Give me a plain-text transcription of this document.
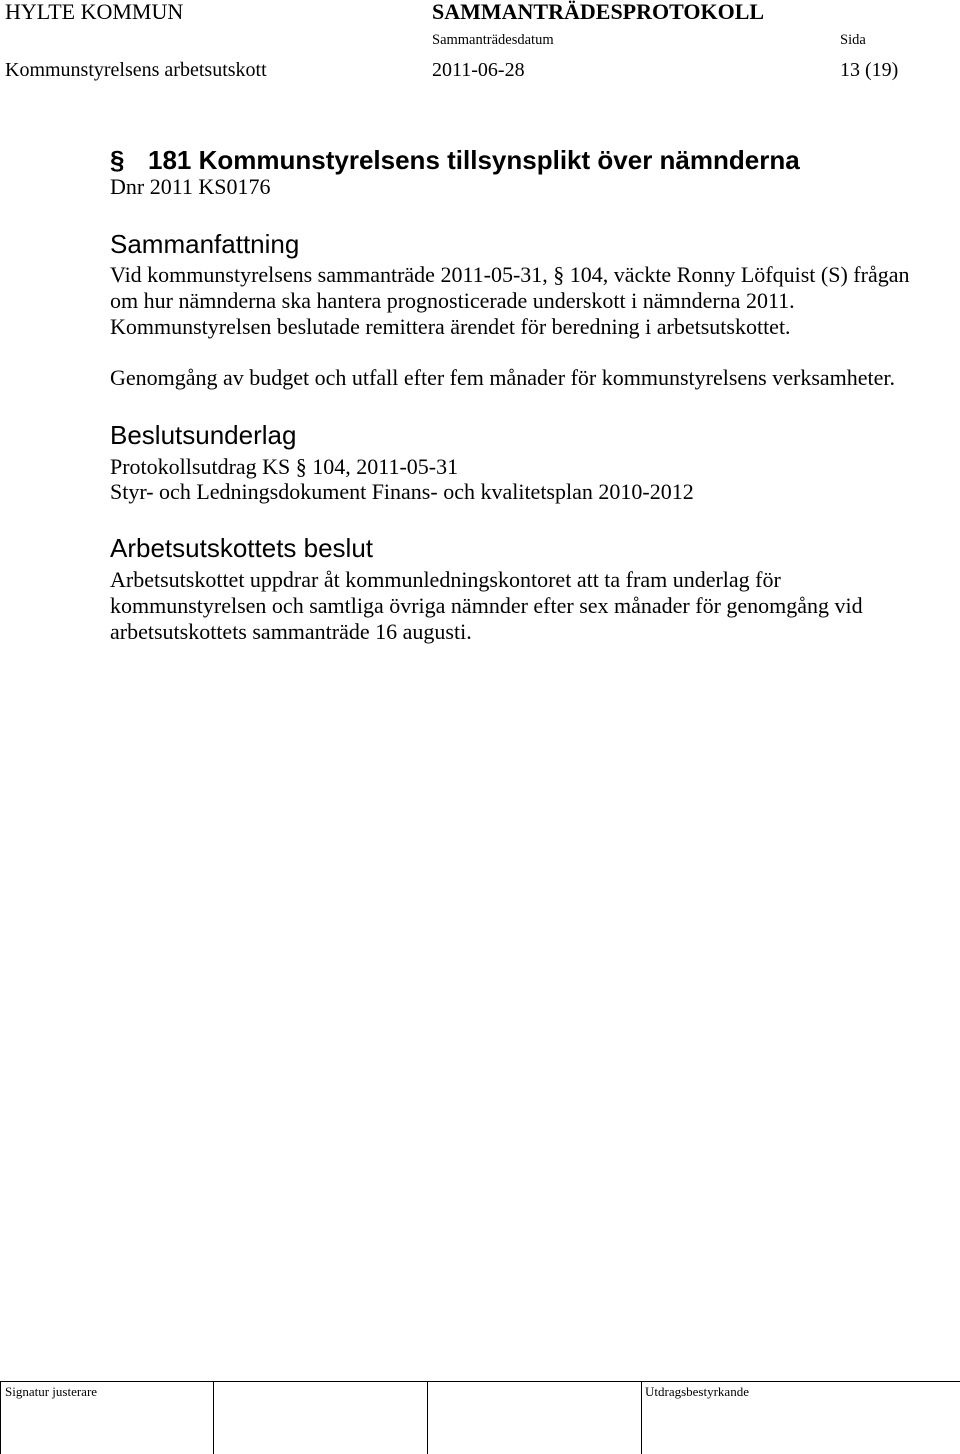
HYLTE KOMMUN	SAMMANTRÄDESPROTOKOLL
Sammanträdesdatum	Sida
Kommunstyrelsens arbetsutskott	2011-06-28	13 (19)
§ 181 Kommunstyrelsens tillsynsplikt över nämnderna
Dnr 2011 KS0176
Sammanfattning
Vid kommunstyrelsens sammanträde 2011-05-31, § 104, väckte Ronny Löfquist (S) frågan
om hur nämnderna ska hantera prognosticerade underskott i nämnderna 2011.
Kommunstyrelsen beslutade remittera ärendet för beredning i arbetsutskottet.
Genomgång av budget och utfall efter fem månader för kommunstyrelsens verksamheter.
Beslutsunderlag
Protokollsutdrag KS § 104, 2011-05-31
Styr- och Ledningsdokument Finans- och kvalitetsplan 2010-2012
Arbetsutskottets beslut
Arbetsutskottet uppdrar åt kommunledningskontoret att ta fram underlag för
kommunstyrelsen och samtliga övriga nämnder efter sex månader för genomgång vid
arbetsutskottets sammanträde 16 augusti.
Signatur justerare	Utdragsbestyrkande
